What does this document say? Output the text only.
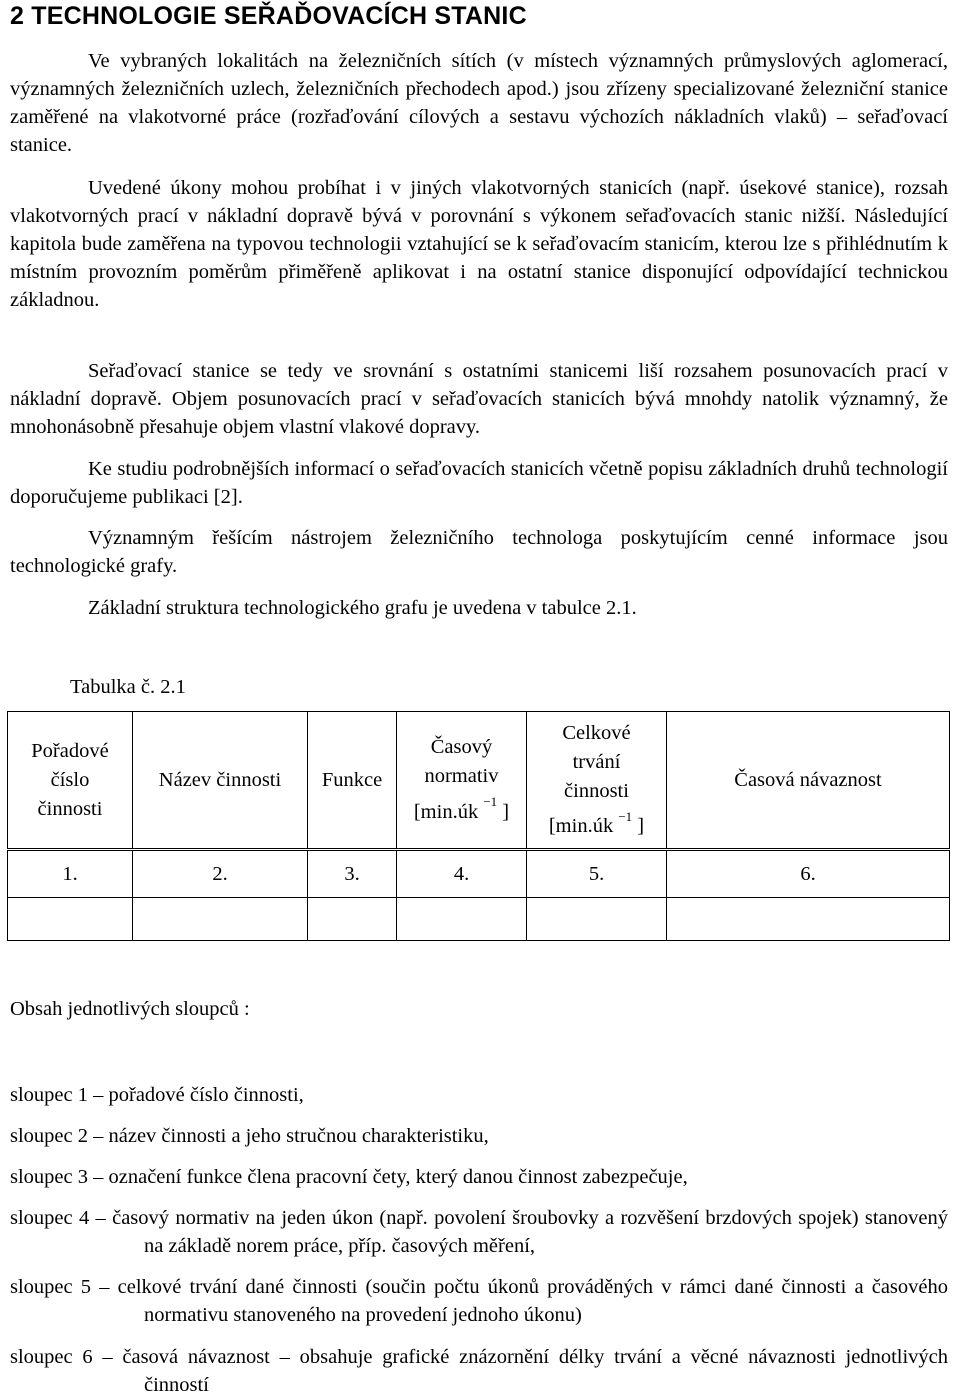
2 TECHNOLOGIE SEŘAĎOVACÍCH STANIC

Ve vybraných lokalitách na železničních sítích (v místech významných průmyslových aglomerací, významných železničních uzlech, železničních přechodech apod.) jsou zřízeny specializované železniční stanice zaměřené na vlakotvorné práce (rozřaďování cílových a sestavu výchozích nákladních vlaků) – seřaďovací stanice.

Uvedené úkony mohou probíhat i v jiných vlakotvorných stanicích (např. úsekové stanice), rozsah vlakotvorných prací v nákladní dopravě bývá v porovnání s výkonem seřaďovacích stanic nižší. Následující kapitola bude zaměřena na typovou technologii vztahující se k seřaďovacím stanicím, kterou lze s přihlédnutím k místním provozním poměrům přiměřeně aplikovat i na ostatní stanice disponující odpovídající technickou základnou.

Seřaďovací stanice se tedy ve srovnání s ostatními stanicemi liší rozsahem posunovacích prací v nákladní dopravě. Objem posunovacích prací v seřaďovacích stanicích bývá mnohdy natolik významný, že mnohonásobně přesahuje objem vlastní vlakové dopravy.

Ke studiu podrobnějších informací o seřaďovacích stanicích včetně popisu základních druhů technologií doporučujeme publikaci [2].

Významným řešícím nástrojem železničního technologa poskytujícím cenné informace jsou technologické grafy.

Základní struktura technologického grafu je uvedena v tabulce 2.1.

Tabulka č. 2.1

Pořadové
číslo
činnosti	Název činnosti	Funkce	Časový
normativ
[min.úk $^{-1}$ ]	Celkové
trvání
činnosti
[min.úk $^{-1}$ ]	Časová návaznost
1.	2.	3.	4.	5.	6.

Obsah jednotlivých sloupců :

sloupec 1 – pořadové číslo činnosti,

sloupec 2 – název činnosti a jeho stručnou charakteristiku,

sloupec 3 – označení funkce člena pracovní čety, který danou činnost zabezpečuje,

sloupec 4 – časový normativ na jeden úkon (např. povolení šroubovky a rozvěšení brzdových spojek) stanovený na základě norem práce, příp. časových měření,

sloupec 5 – celkové trvání dané činnosti (součin počtu úkonů prováděných v rámci dané činnosti a časového normativu stanoveného na provedení jednoho úkonu)

sloupec 6 – časová návaznost – obsahuje grafické znázornění délky trvání a věcné návaznosti jednotlivých činností
